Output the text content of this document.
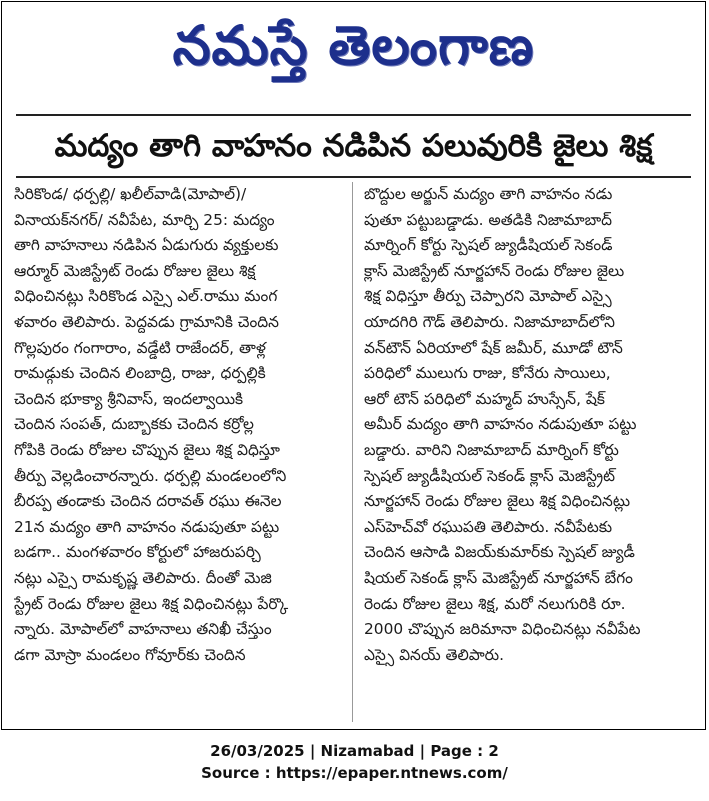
నమస్తే తెలంగాణ
మద్యం తాగి వాహనం నడిపిన పలువురికి జైలు శిక్ష
సిరికొండ/ ధర్పల్లి/ ఖలీల్‌వాడి(మోపాల్)/
వినాయక్‌నగర్/ నవీపేట, మార్చి 25: మద్యం
తాగి వాహనాలు నడిపిన ఏడుగురు వ్యక్తులకు
ఆర్మూర్ మెజిస్ట్రేట్ రెండు రోజుల జైలు శిక్ష
విధించినట్లు సిరికొండ ఎస్సై ఎల్.రాము మంగ
ళవారం తెలిపారు. పెద్దవడు గ్రామానికి చెందిన
గొల్లపురం గంగారాం, వడ్డేటి రాజేందర్, తాళ్ల
రామడ్గుకు చెందిన లింబాద్రి, రాజు, ధర్పల్లికి
చెందిన భూక్యా శ్రీనివాస్, ఇందల్వాయికి
చెందిన సంపత్, దుబ్బాకకు చెందిన కర్రోల్ల
గోపికి రెండు రోజుల చొప్పున జైలు శిక్ష విధిస్తూ
తీర్పు వెల్లడించారన్నారు. ధర్పల్లి మండలంలోని
బీరప్ప తండాకు చెందిన దరావత్ రఘు ఈనెల
21న మద్యం తాగి వాహనం నడుపుతూ పట్టు
బడగా.. మంగళవారం కోర్టులో హాజరుపర్చి
నట్లు ఎస్సై రామకృష్ణ తెలిపారు. దీంతో మెజి
స్ట్రేట్ రెండు రోజుల జైలు శిక్ష విధించినట్లు పేర్కొ
న్నారు. మోపాల్‌లో వాహనాలు తనిఖీ చేస్తుం
డగా మోస్రా మండలం గోవూర్‌కు చెందిన
బొద్దుల అర్జున్ మద్యం తాగి వాహనం నడు
పుతూ పట్టుబడ్డాడు. అతడికి నిజామాబాద్
మార్నింగ్ కోర్టు స్పెషల్ జ్యుడీషియల్ సెకండ్
క్లాస్ మెజిస్ట్రేట్ నూర్జహాన్ రెండు రోజుల జైలు
శిక్ష విధిస్తూ తీర్పు చెప్పారని మోపాల్ ఎస్సై
యాదగిరి గౌడ్ తెలిపారు. నిజామాబాద్‌లోని
వన్‌టౌన్ ఏరియాలో షేక్ జమీర్, మూడో టౌన్
పరిధిలో ములుగు రాజు, కోనేరు సాయిలు,
ఆరో టౌన్ పరిధిలో మహ్మద్ హుస్సేన్, షేక్
అమీర్ మద్యం తాగి వాహనం నడుపుతూ పట్టు
బడ్డారు. వారిని నిజామాబాద్ మార్నింగ్ కోర్టు
స్పెషల్ జ్యుడీషియల్ సెకండ్ క్లాస్ మెజిస్ట్రేట్
నూర్జహాన్ రెండు రోజుల జైలు శిక్ష విధించినట్లు
ఎస్‌హెచ్‌వో రఘుపతి తెలిపారు. నవీపేటకు
చెందిన ఆసాడి విజయ్‌కుమార్‌కు స్పెషల్ జ్యుడీ
షియల్ సెకండ్ క్లాస్ మెజిస్ట్రేట్ నూర్జహాన్ బేగం
రెండు రోజుల జైలు శిక్ష, మరో నలుగురికి రూ.
2000 చొప్పున జరిమానా విధించినట్లు నవీపేట
ఎస్సై వినయ్ తెలిపారు.
26/03/2025 | Nizamabad | Page : 2
Source : https://epaper.ntnews.com/
